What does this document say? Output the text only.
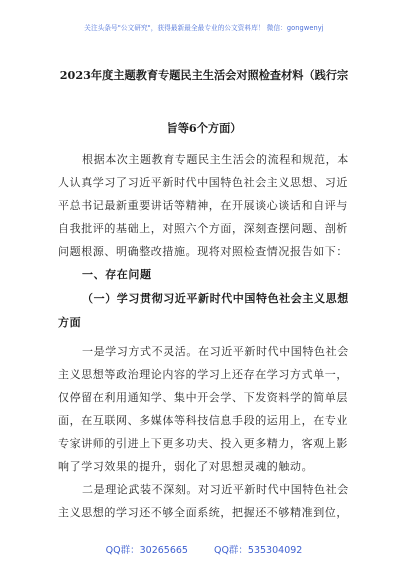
关注头条号"公文研究"，获得最新最全最专业的公文资料库！ 微信：gongwenyj
2023年度主题教育专题民主生活会对照检查材料（践行宗
旨等6个方面）
根据本次主题教育专题民主生活会的流程和规范，本
人认真学习了习近平新时代中国特色社会主义思想、习近
平总书记最新重要讲话等精神，在开展谈心谈话和自评与
自我批评的基础上，对照六个方面，深刻查摆问题、剖析
问题根源、明确整改措施。现将对照检查情况报告如下：
一、存在问题
（一）学习贯彻习近平新时代中国特色社会主义思想
方面
一是学习方式不灵活。在习近平新时代中国特色社会
主义思想等政治理论内容的学习上还存在学习方式单一，
仅停留在利用通知学、集中开会学、下发资料学的简单层
面，在互联网、多媒体等科技信息手段的运用上，在专业
专家讲师的引进上下更多功夫、投入更多精力，客观上影
响了学习效果的提升，弱化了对思想灵魂的触动。
二是理论武装不深刻。对习近平新时代中国特色社会
主义思想的学习还不够全面系统，把握还不够精准到位，
QQ群：30265665	QQ群：535304092
